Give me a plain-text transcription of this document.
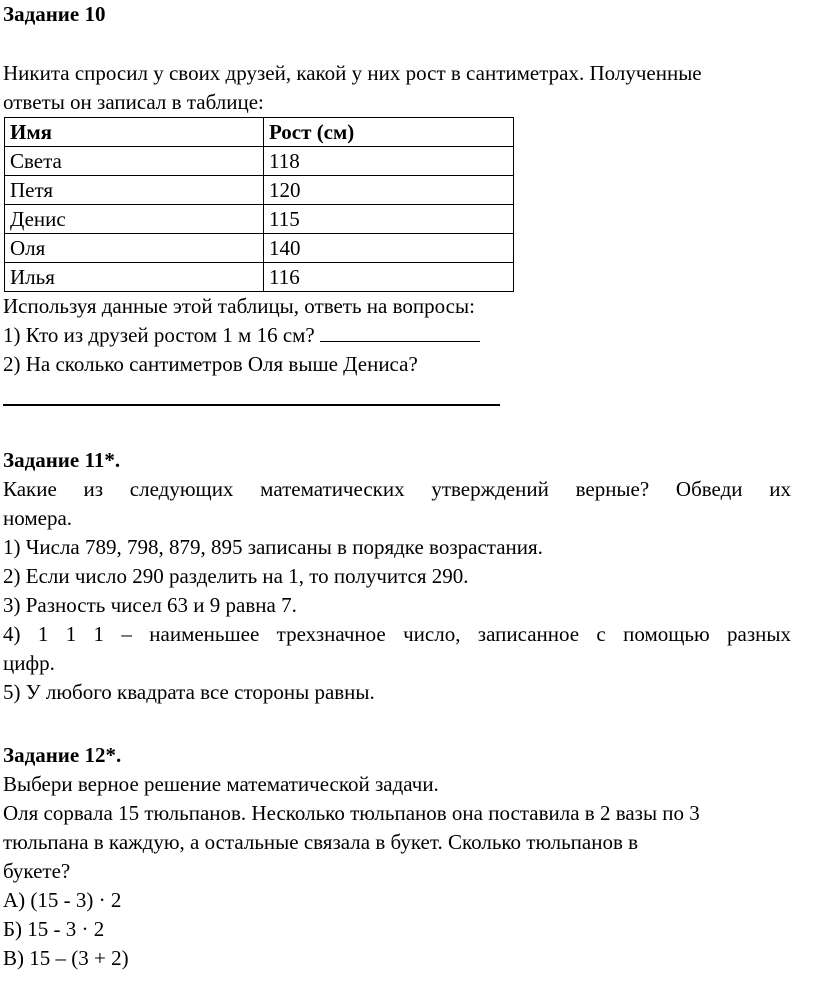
Задание 10

Никита спросил у своих друзей, какой у них рост в сантиметрах. Полученные

ответы он записал в таблице:

Имя	Рост (см)
Света	118
Петя	120
Денис	115
Оля	140
Илья	116

Используя данные этой таблицы, ответь на вопросы:

1) Кто из друзей ростом 1 м 16 см?

2) На сколько сантиметров Оля выше Дениса?

Задание 11*.

Какие из следующих математических утверждений верные? Обведи их

номера.

1) Числа 789, 798, 879, 895 записаны в порядке возрастания.

2) Если число 290 разделить на 1, то получится 290.

3) Разность чисел 63 и 9 равна 7.

4) 1 1 1 – наименьшее трехзначное число, записанное с помощью разных

цифр.

5) У любого квадрата все стороны равны.

Задание 12*.

Выбери верное решение математической задачи.

Оля сорвала 15 тюльпанов. Несколько тюльпанов она поставила в 2 вазы по 3

тюльпана в каждую, а остальные связала в букет. Сколько тюльпанов в

букете?

А) (15 - 3) · 2

Б) 15 - 3 · 2

В) 15 – (3 + 2)
